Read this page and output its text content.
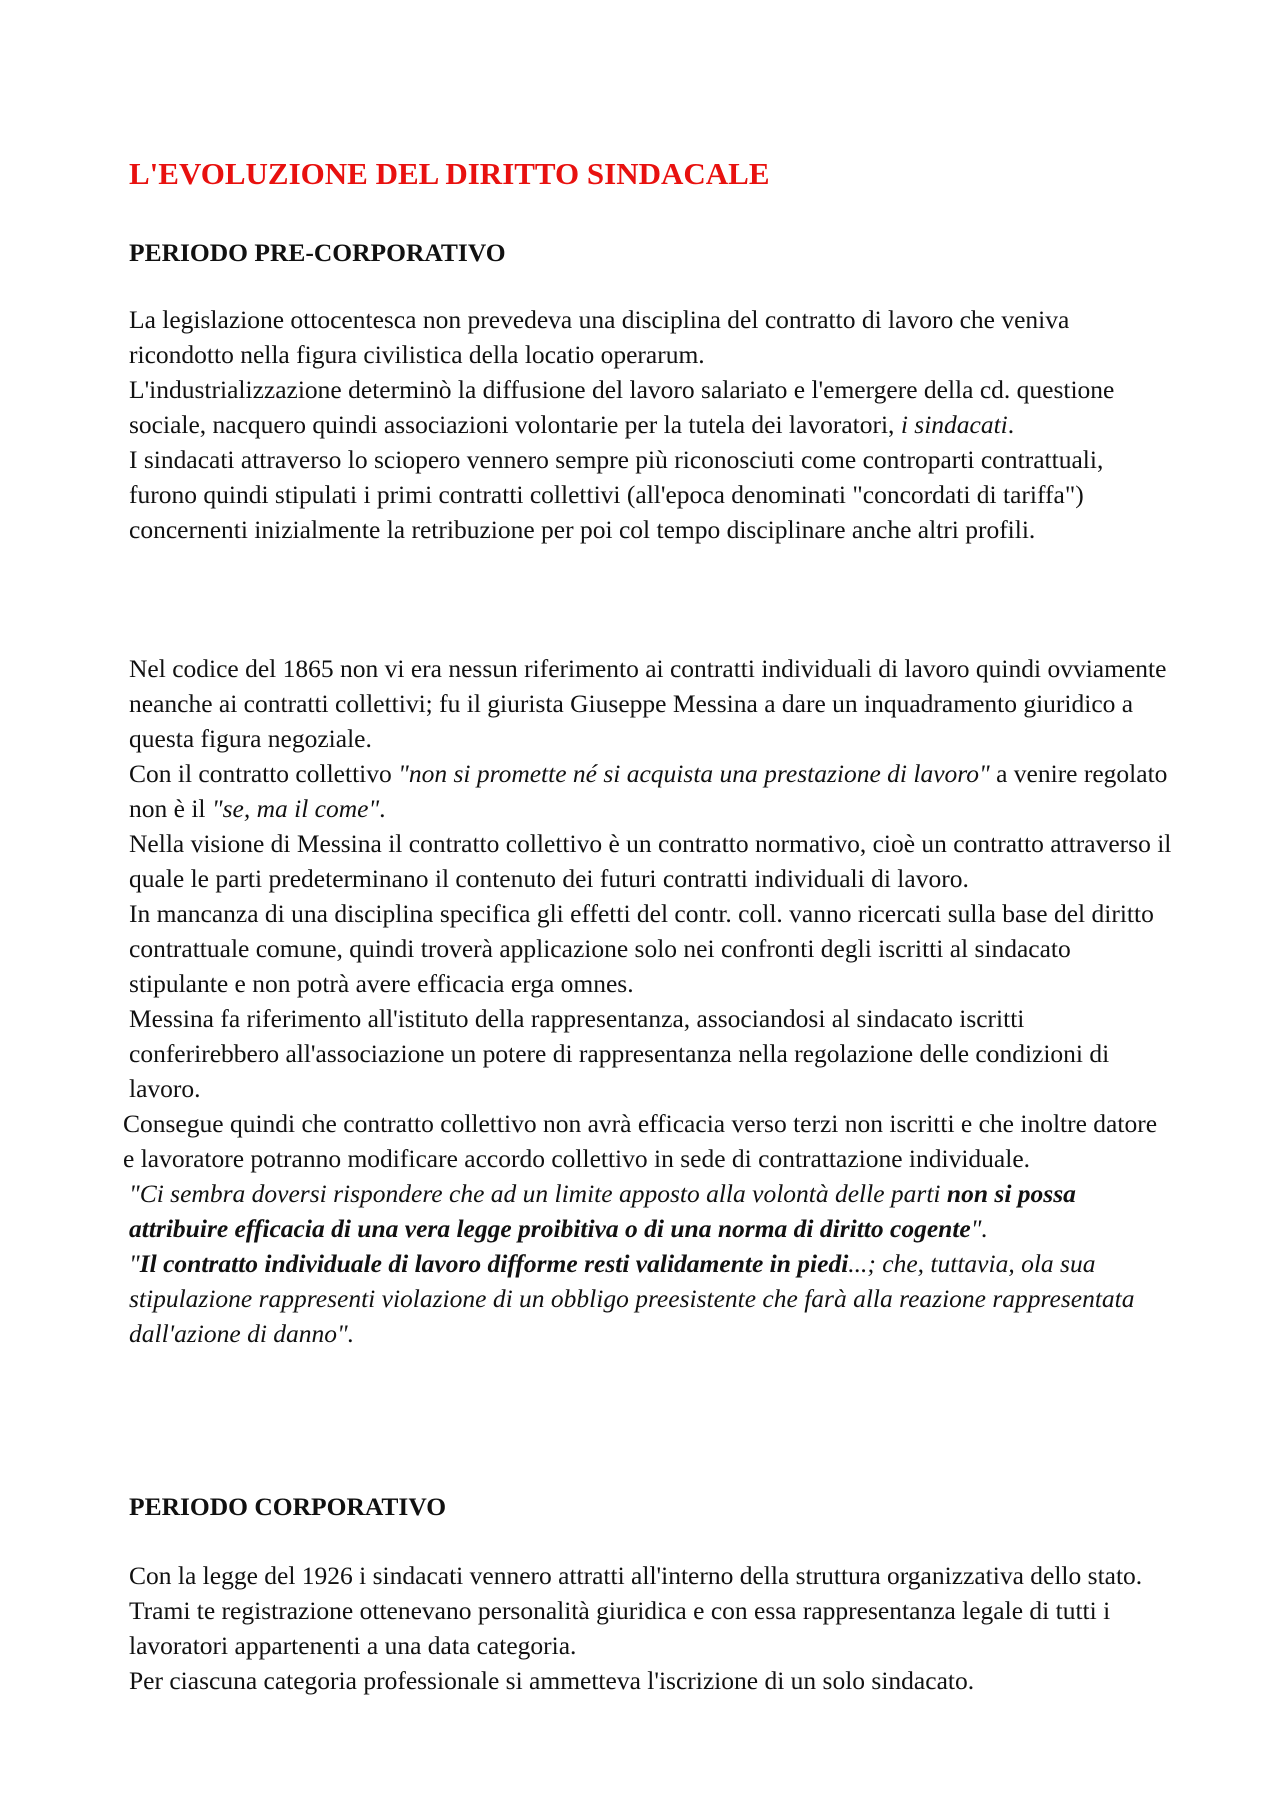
L'EVOLUZIONE DEL DIRITTO SINDACALE
PERIODO PRE-CORPORATIVO

La legislazione ottocentesca non prevedeva una disciplina del contratto di lavoro che veniva ricondotto nella figura civilistica della locatio operarum.

L'industrializzazione determinò la diffusione del lavoro salariato e l'emergere della cd. questione sociale, nacquero quindi associazioni volontarie per la tutela dei lavoratori, i sindacati.

I sindacati attraverso lo sciopero vennero sempre più riconosciuti come controparti contrattuali, furono quindi stipulati i primi contratti collettivi (all'epoca denominati "concordati di tariffa") concernenti inizialmente la retribuzione per poi col tempo disciplinare anche altri profili.

Nel codice del 1865 non vi era nessun riferimento ai contratti individuali di lavoro quindi ovviamente neanche ai contratti collettivi; fu il giurista Giuseppe Messina a dare un inquadramento giuridico a questa figura negoziale.

Con il contratto collettivo "non si promette né si acquista una prestazione di lavoro" a venire regolato non è il "se, ma il come".

Nella visione di Messina il contratto collettivo è un contratto normativo, cioè un contratto attraverso il quale le parti predeterminano il contenuto dei futuri contratti individuali di lavoro.

In mancanza di una disciplina specifica gli effetti del contr. coll. vanno ricercati sulla base del diritto contrattuale comune, quindi troverà applicazione solo nei confronti degli iscritti al sindacato stipulante e non potrà avere efficacia erga omnes.

Messina fa riferimento all'istituto della rappresentanza, associandosi al sindacato iscritti conferirebbero all'associazione un potere di rappresentanza nella regolazione delle condizioni di lavoro.

Consegue quindi che contratto collettivo non avrà efficacia verso terzi non iscritti e che inoltre datore e lavoratore potranno modificare accordo collettivo in sede di contrattazione individuale.

"Ci sembra doversi rispondere che ad un limite apposto alla volontà delle parti non si possa attribuire efficacia di una vera legge proibitiva o di una norma di diritto cogente".

"Il contratto individuale di lavoro difforme resti validamente in piedi...; che, tuttavia, ola sua stipulazione rappresenti violazione di un obbligo preesistente che farà alla reazione rappresentata dall'azione di danno".

PERIODO CORPORATIVO

Con la legge del 1926 i sindacati vennero attratti all'interno della struttura organizzativa dello stato. Trami te registrazione ottenevano personalità giuridica e con essa rappresentanza legale di tutti i lavoratori appartenenti a una data categoria.

Per ciascuna categoria professionale si ammetteva l'iscrizione di un solo sindacato.
